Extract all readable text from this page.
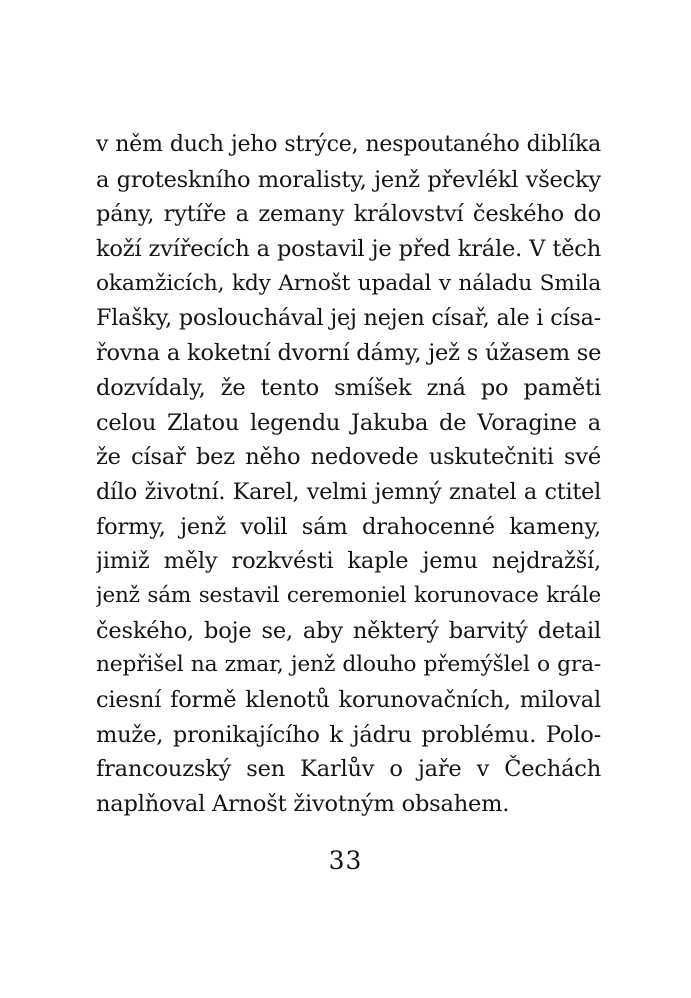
v něm duch jeho strýce, nespoutaného diblíka
a groteskního moralisty, jenž převlékl všecky
pány, rytíře a zemany království českého do
koží zvířecích a postavil je před krále. V těch
okamžicích, kdy Arnošt upadal v náladu Smila
Flašky, poslouchával jej nejen císař, ale i císa-
řovna a koketní dvorní dámy, jež s úžasem se
dozvídaly, že tento smíšek zná po paměti
celou Zlatou legendu Jakuba de Voragine a
že císař bez něho nedovede uskutečniti své
dílo životní. Karel, velmi jemný znatel a ctitel
formy, jenž volil sám drahocenné kameny,
jimiž měly rozkvésti kaple jemu nejdražší,
jenž sám sestavil ceremoniel korunovace krále
českého, boje se, aby některý barvitý detail
nepřišel na zmar, jenž dlouho přemýšlel o gra-
ciesní formě klenotů korunovačních, miloval
muže, pronikajícího k jádru problému. Polo-
francouzský sen Karlův o jaře v Čechách
naplňoval Arnošt životným obsahem.
33
